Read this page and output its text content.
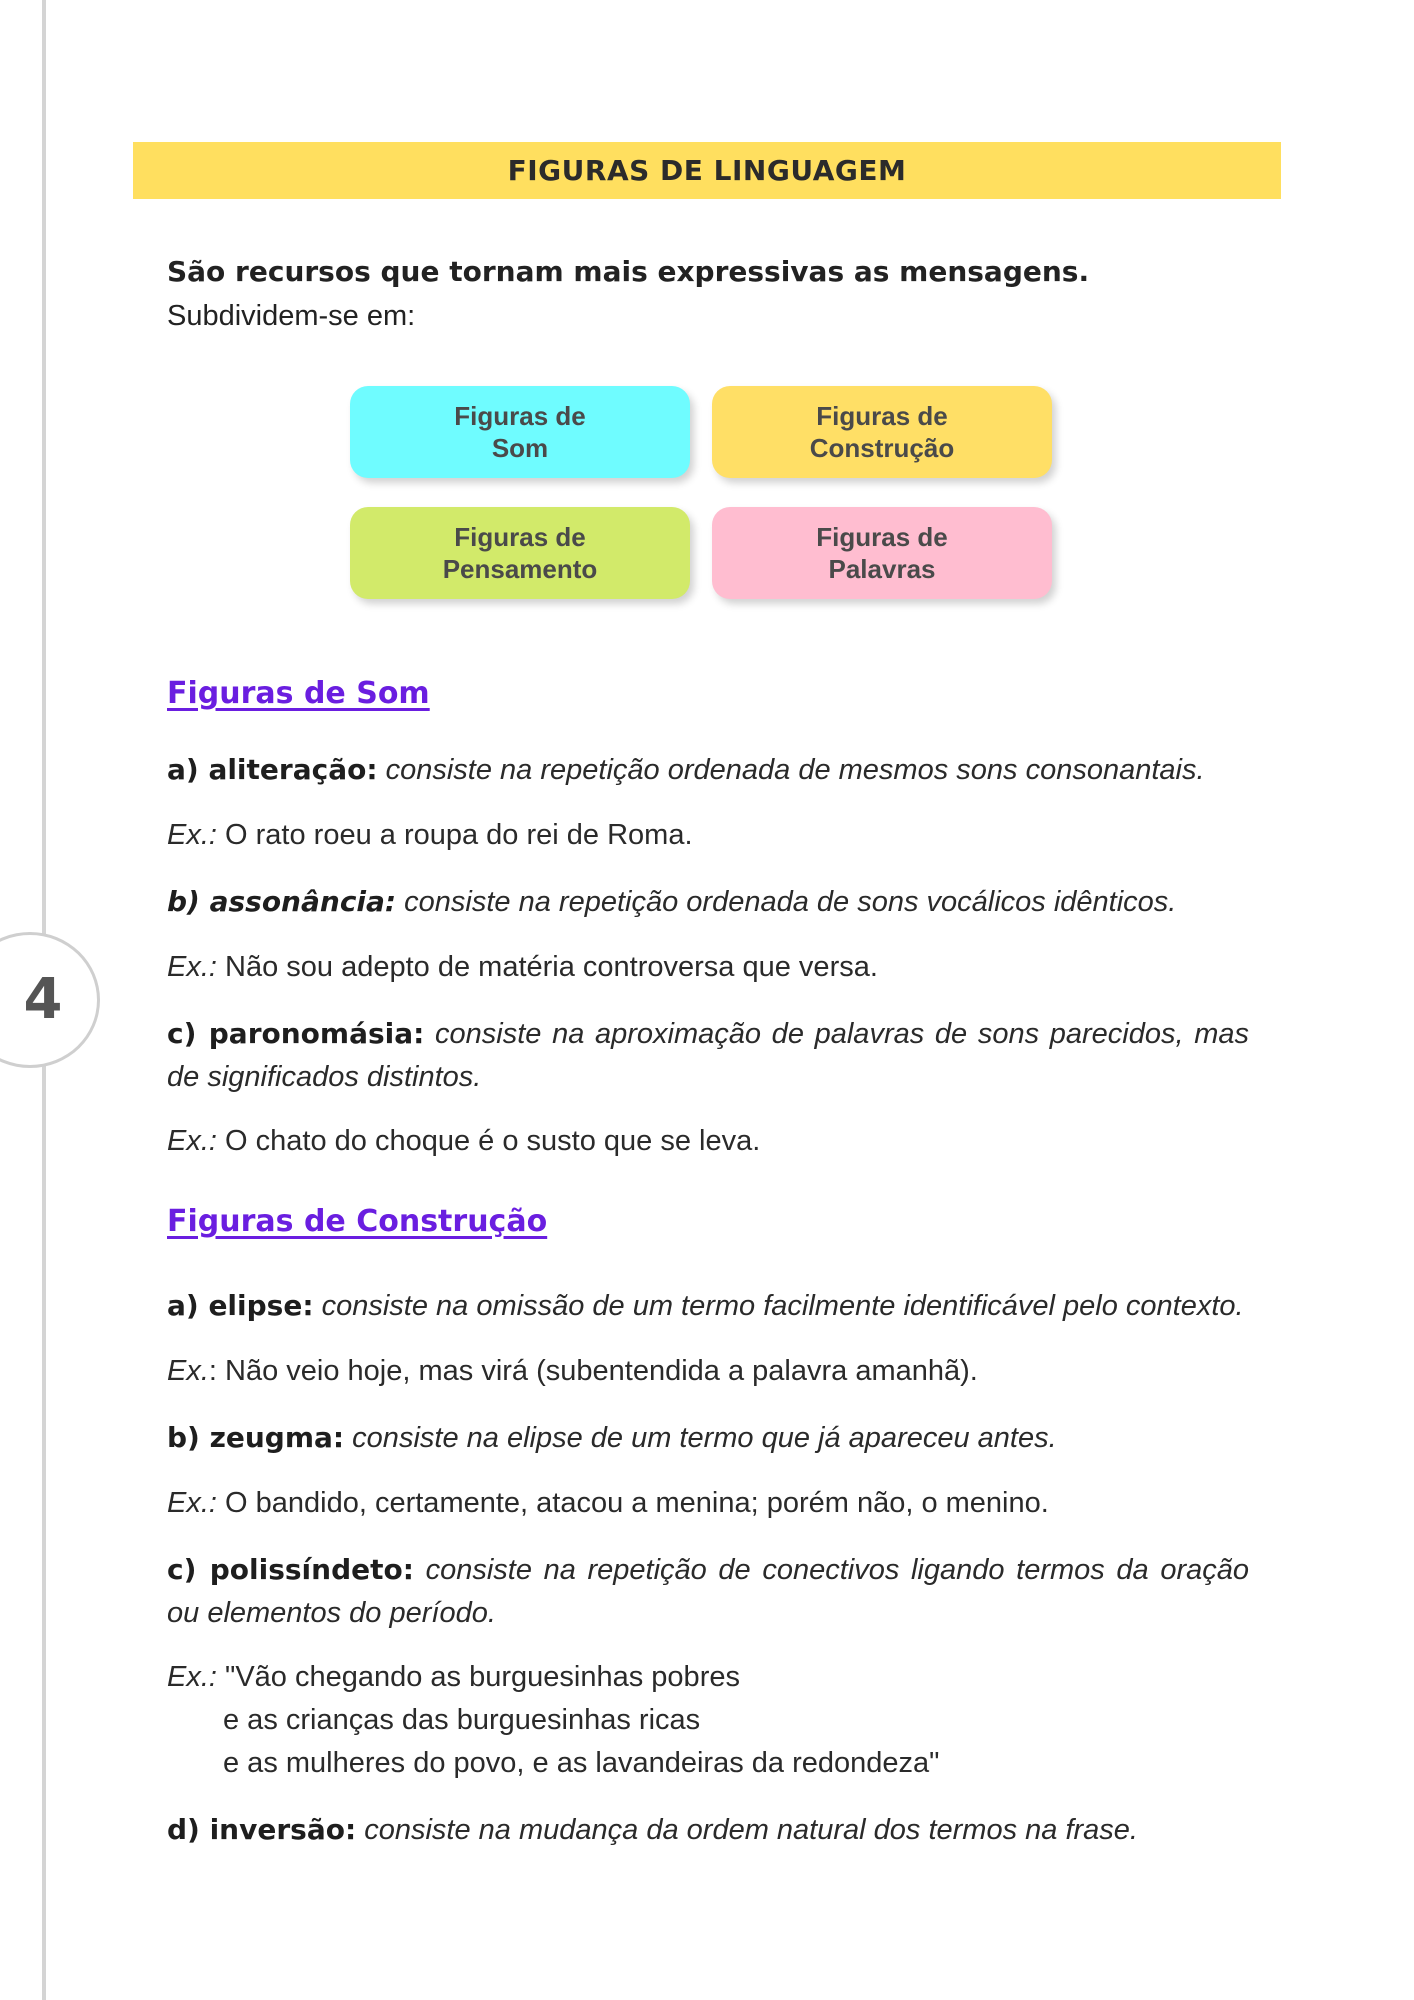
4
FIGURAS DE LINGUAGEM

São recursos que tornam mais expressivas as mensagens. Subdividem-se em:

Figuras de
Som
Figuras de
Construção
Figuras de
Pensamento
Figuras de
Palavras
Figuras de Som

a) aliteração: consiste na repetição ordenada de mesmos sons consonantais.

Ex.: O rato roeu a roupa do rei de Roma.

b) assonância: consiste na repetição ordenada de sons vocálicos idênticos.

Ex.: Não sou adepto de matéria controversa que versa.

c) paronomásia: consiste na aproximação de palavras de sons parecidos, mas de significados distintos.

Ex.: O chato do choque é o susto que se leva.

Figuras de Construção

a) elipse: consiste na omissão de um termo facilmente identificável pelo contexto.

Ex.: Não veio hoje, mas virá (subentendida a palavra amanhã).

b) zeugma: consiste na elipse de um termo que já apareceu antes.

Ex.: O bandido, certamente, atacou a menina; porém não, o menino.

c) polissíndeto: consiste na repetição de conectivos ligando termos da oração ou elementos do período.

Ex.: "Vão chegando as burguesinhas pobres
e as crianças das burguesinhas ricas
e as mulheres do povo, e as lavandeiras da redondeza"

d) inversão: consiste na mudança da ordem natural dos termos na frase.
